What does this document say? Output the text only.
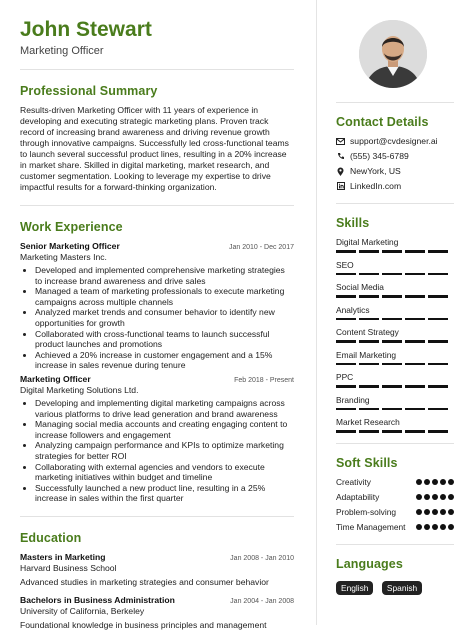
John Stewart
Marketing Officer
Professional Summary
Results-driven Marketing Officer with 11 years of experience in developing and executing strategic marketing plans. Proven track record of increasing brand awareness and driving revenue growth through innovative campaigns. Successfully led cross-functional teams to launch several successful product lines, resulting in a 20% increase in market share. Skilled in digital marketing, market research, and customer segmentation. Looking to leverage my expertise to drive impactful results for a forward-thinking organization.
Work Experience
Senior Marketing Officer	Jan 2010 - Dec 2017
Marketing Masters Inc.
• Developed and implemented comprehensive marketing strategies to increase brand awareness and drive sales
• Managed a team of marketing professionals to execute marketing campaigns across multiple channels
• Analyzed market trends and consumer behavior to identify new opportunities for growth
• Collaborated with cross-functional teams to launch successful product launches and promotions
• Achieved a 20% increase in customer engagement and a 15% increase in sales revenue during tenure
Marketing Officer	Feb 2018 - Present
Digital Marketing Solutions Ltd.
• Developing and implementing digital marketing campaigns across various platforms to drive lead generation and brand awareness
• Managing social media accounts and creating engaging content to increase followers and engagement
• Analyzing campaign performance and KPIs to optimize marketing strategies for better ROI
• Collaborating with external agencies and vendors to execute marketing initiatives within budget and timeline
• Successfully launched a new product line, resulting in a 25% increase in sales within the first quarter
Education
Masters in Marketing	Jan 2008 - Jan 2010
Harvard Business School
Advanced studies in marketing strategies and consumer behavior
Bachelors in Business Administration	Jan 2004 - Jan 2008
University of California, Berkeley
Foundational knowledge in business principles and management
Contact Details
support@cvdesigner.ai
(555) 345-6789
NewYork, US
LinkedIn.com
Skills
Digital Marketing
SEO
Social Media
Analytics
Content Strategy
Email Marketing
PPC
Branding
Market Research
Soft Skills
Creativity
Adaptability
Problem-solving
Time Management
Languages
English Spanish
